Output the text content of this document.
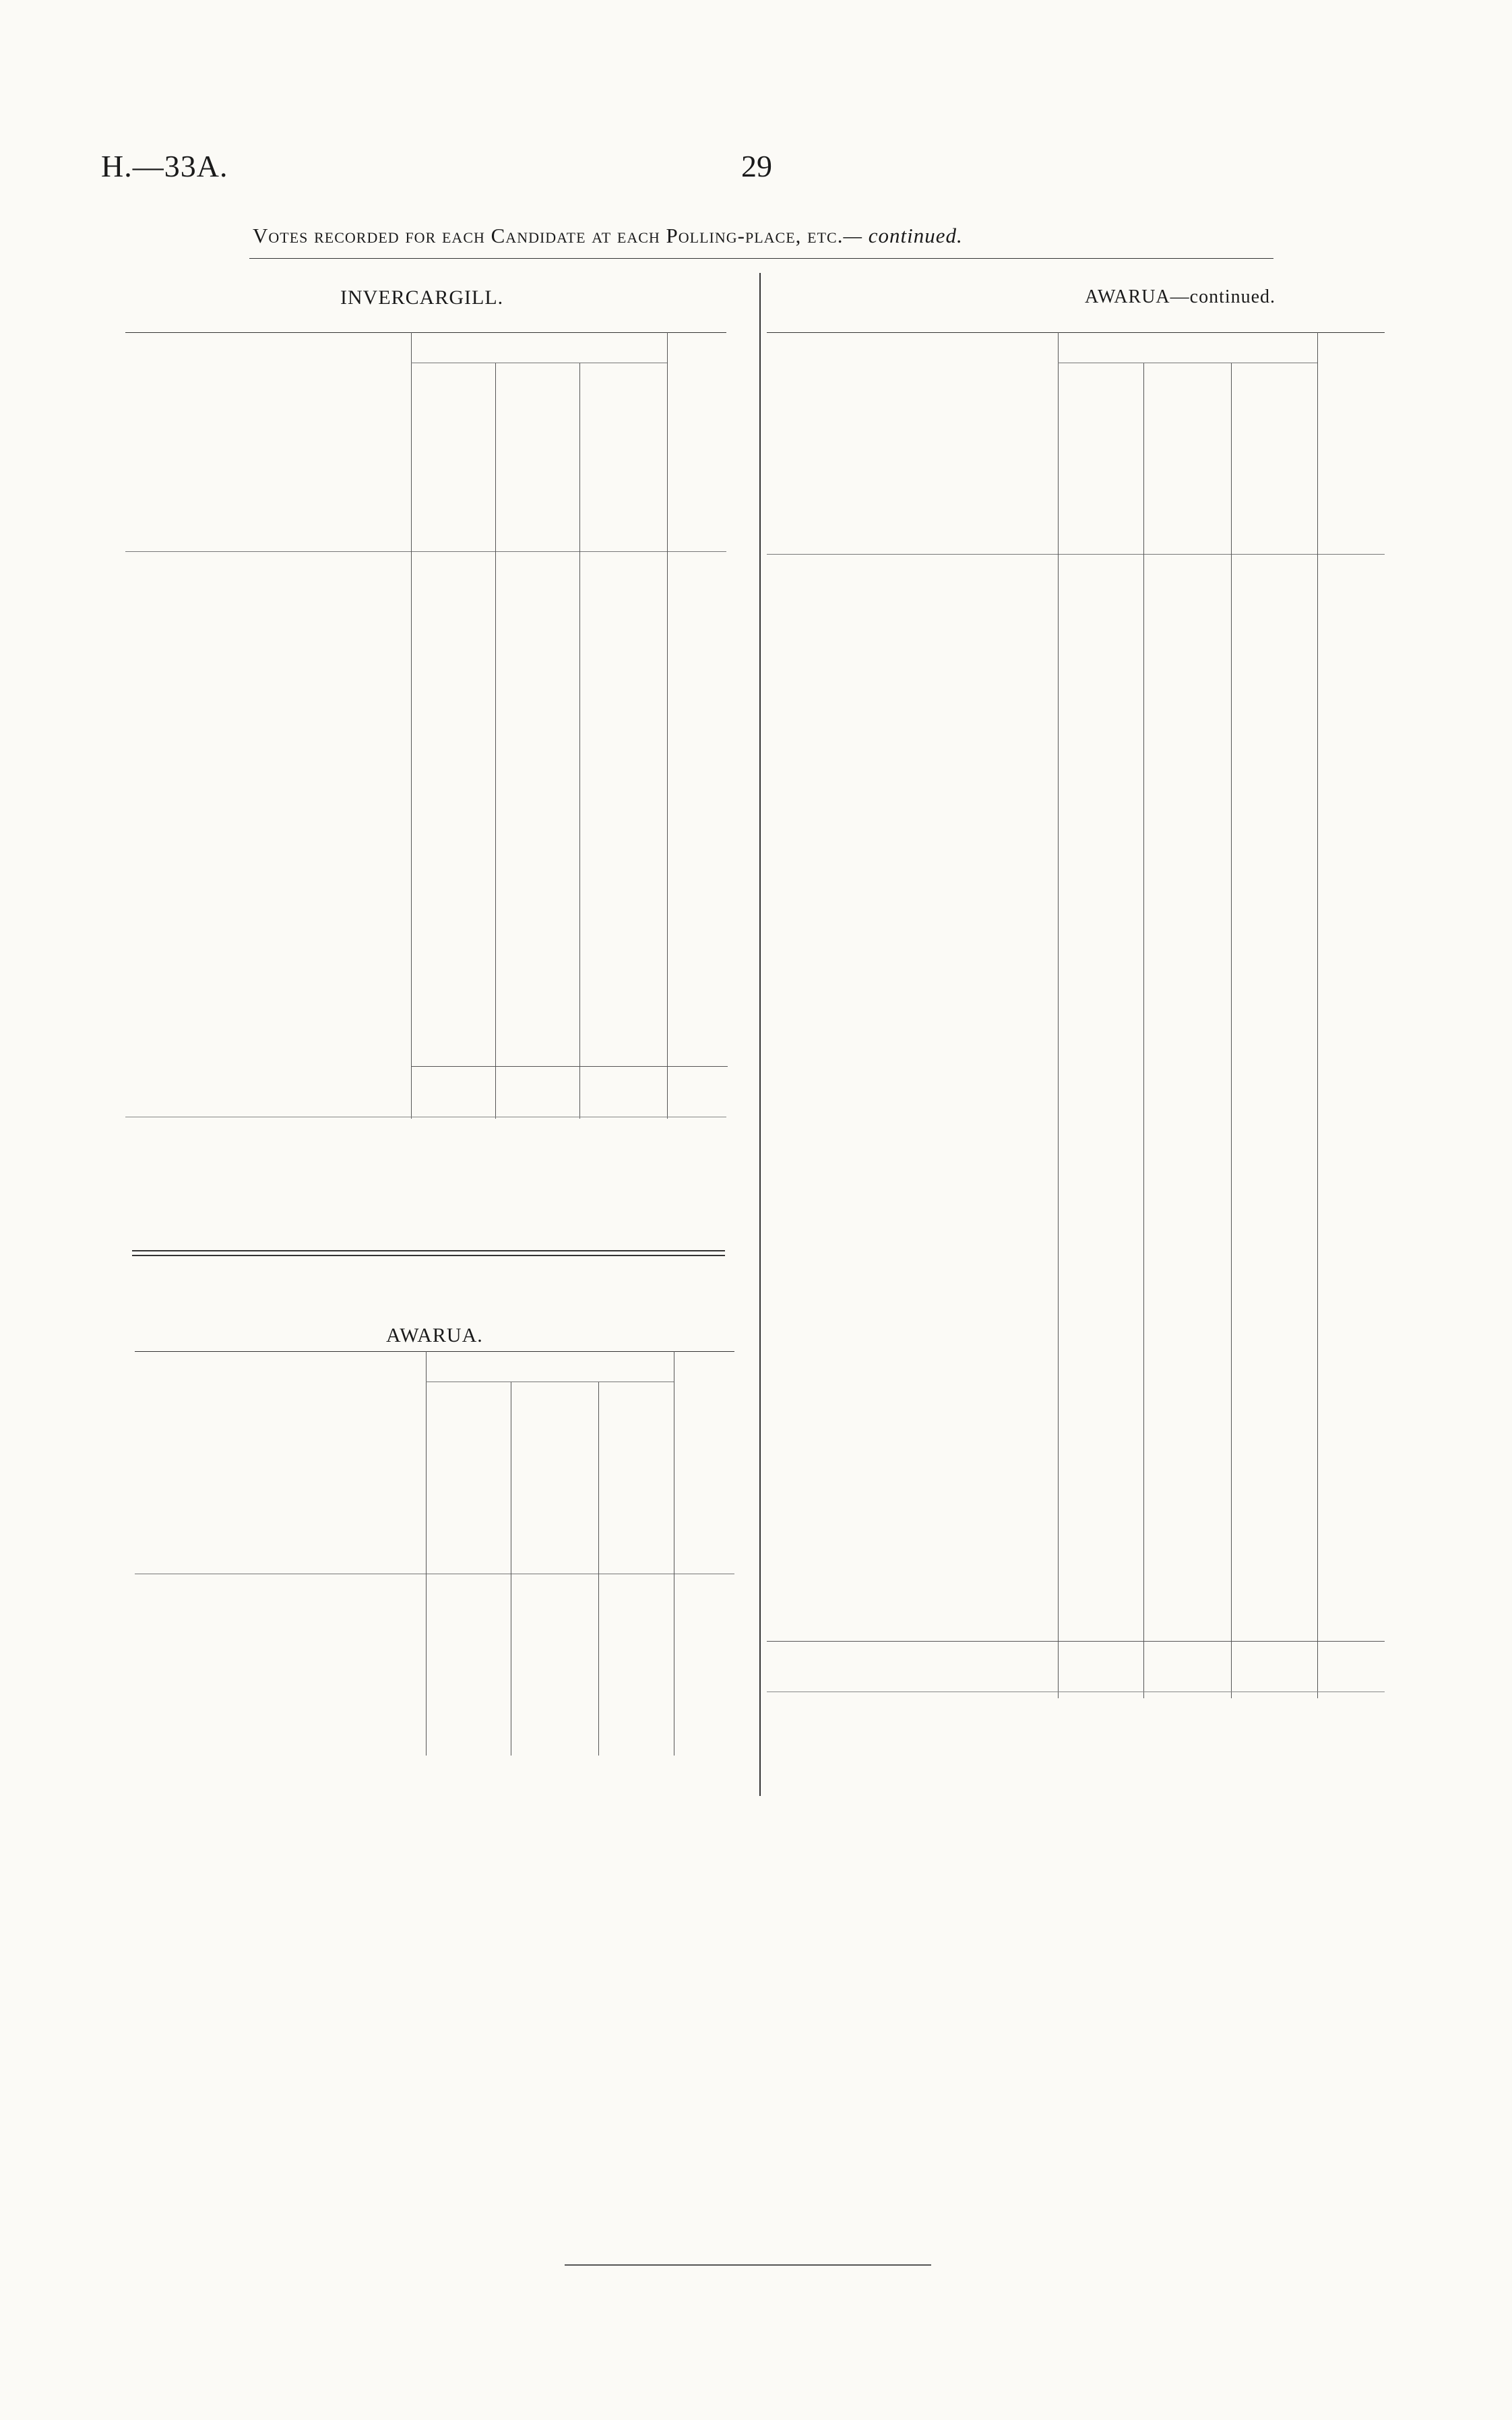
H.—33A.	29
Votes recorded for each Candidate at each Polling-place, etc.— continued.
INVERCARGILL.
AWARUA.
AWARUA—continued.
